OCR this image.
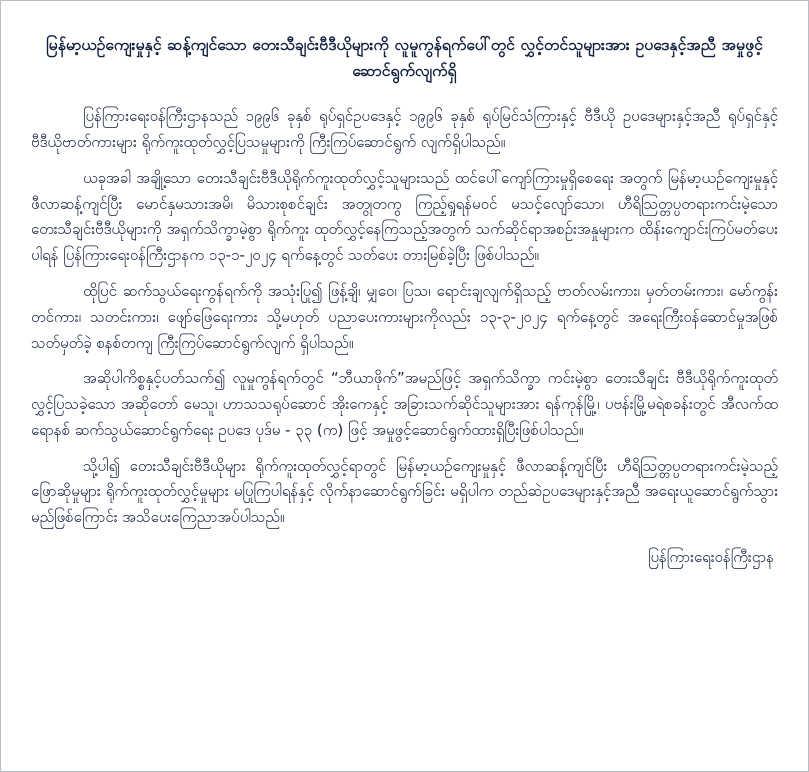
မြန်မာ့ယဉ်ကျေးမှုနှင့် ဆန့်ကျင်သော တေးသီချင်းဗီဒီယိုများကို လူမူကွန်ရက်ပေါ်တွင် လွှင့်တင်သူများအား ဥပဒေနှင့်အညီ အမှုဖွင့်ဆောင်ရွက်လျက်ရှိ

ပြန်ကြားရေးဝန်ကြီးဌာနသည် ၁၉၉၆ ခုနှစ် ရုပ်ရှင်ဥပဒေနှင့် ၁၉၉၆ ခုနှစ် ရုပ်မြင်သံကြားနှင့် ဗီဒီယို ဥပဒေများနှင့်အညီ ရုပ်ရှင်နှင့် ဗီဒီယိုဗာတ်ကားများ ရိုက်ကူးထုတ်လွှင့်ပြသမှုများကို ကြီးကြပ်ဆောင်ရွက် လျက်ရှိပါသည်။

ယခုအခါ အချို့သော တေးသီချင်းဗီဒီယိုရိုက်ကူးထုတ်လွှင့်သူများသည် ထင်ပေါ်ကျော်ကြားမှုရှိစေရေး အတွက် မြန်မာ့ယဉ်ကျေးမှုနှင့် ဖီလာဆန့်ကျင်ပြီး မောင်နှမသားအမိ၊ မိသားစုစင်ချင်း အတွုတကွ ကြည့်ရှုရန်မဝင် မသင့်လျော်သော၊ ဟီရိဩတ္တပ္ပတရားကင်းမဲ့သော တေးသီချင်းဗီဒီယိုများကို အရှက်သိက္ခာမဲ့စွာ ရိုက်ကူး ထုတ်လွှင့်နေကြသည့်အတွက် သက်ဆိုင်ရာအစဉ်းအနှုများက ထိန်းကျောင်းကြပ်မတ်ပေးပါရန် ပြန်ကြားရေးဝန်ကြီးဌာနက ၁၃-၁-၂၀၂၄ ရက်နေ့တွင် သတ်ပေး တားမြစ်ခဲ့ပြီး ဖြစ်ပါသည်။

ထိုပြင် ဆက်သွယ်ရေးကွန်ရက်ကို အသုံးပြု၍ ဖြန့်ချိ၊ မျှဝေ၊ ပြသ၊ ရောင်းချလျက်ရှိသည့် ဗာတ်လမ်းကား၊ မှတ်တမ်းကား၊ မော်ကွန်းတင်ကား၊ သတင်းကား၊ ဖျော်ဖြေရေးကား သို့မဟုတ် ပညာပေးကားများကိုလည်း ၁၃-၃-၂၀၂၄ ရက်နေ့တွင် အရေးကြီးဝန်ဆောင်မှုအဖြစ် သတ်မှတ်ခဲ့ စနစ်တကျ ကြီးကြပ်ဆောင်ရွက်လျက် ရှိပါသည်။

အဆိုပါကိစ္စနှင့်ပတ်သက်၍ လူမှုကွန်ရက်တွင် “ဘီယာဖိုက်”အမည်ဖြင့် အရှက်သိက္ခာ ကင်းမဲ့စွာ တေးသီချင်း ဗီဒီယိုရိုက်ကူးထုတ်လွှင့်ပြသခဲ့သော အဆိုတော် မေသူ၊ ဟာသသရုပ်ဆောင် အိုးကေနှင့် အခြားသက်ဆိုင်သူများအား ရန်ကုန်မြို့၊ ပဗန်းမြို့မရဲစခန်းတွင် အီလက်ထရောနစ် ဆက်သွယ်ဆောင်ရွက်ရေး ဥပဒေ ပုဒ်မ - ၃၃ (က) ဖြင့် အမှုဖွင့်ဆောင်ရွက်ထားရှိပြီးဖြစ်ပါသည်။

သို့ပါ၍ တေးသီချင်းဗီဒီယိုများ ရိုက်ကူးထုတ်လွှင့်ရာတွင် မြန်မာ့ယဉ်ကျေးမှုနှင့် ဖီလာဆန့်ကျင်ပြီး ဟီရိဩတ္တပ္ပတရားကင်းမဲ့သည့် ဖြောဆိုမှုများ ရိုက်ကူးထုတ်လွှင့်မှုများ မပြုကြပါရန်နှင့် လိုက်နာဆောင်ရွက်ခြင်း မရှိပါက တည်ဆဲဥပဒေများနှင့်အညီ အရေးယူဆောင်ရွက်သွားမည်ဖြစ်ကြောင်း အသိပေးကြေညာအပ်ပါသည်။

ပြန်ကြားရေးဝန်ကြီးဌာန
